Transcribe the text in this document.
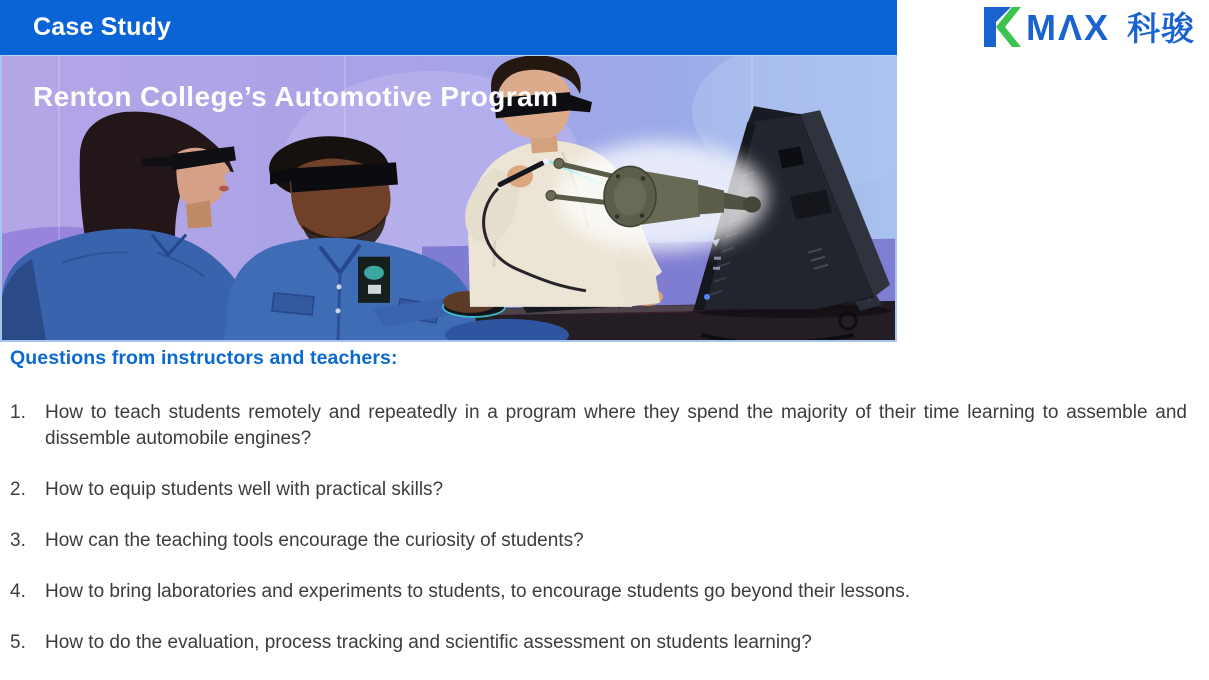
Case Study	MΛX 科骏
Renton College’s Automotive Program
Questions from instructors and teachers:
1.	How to teach students remotely and repeatedly in a program where they spend the majority of their time learning to assemble and dissemble automobile engines?
2.	How to equip students well with practical skills?
3.	How can the teaching tools encourage the curiosity of students?
4.	How to bring laboratories and experiments to students, to encourage students go beyond their lessons.
5.	How to do the evaluation, process tracking and scientific assessment on students learning?
